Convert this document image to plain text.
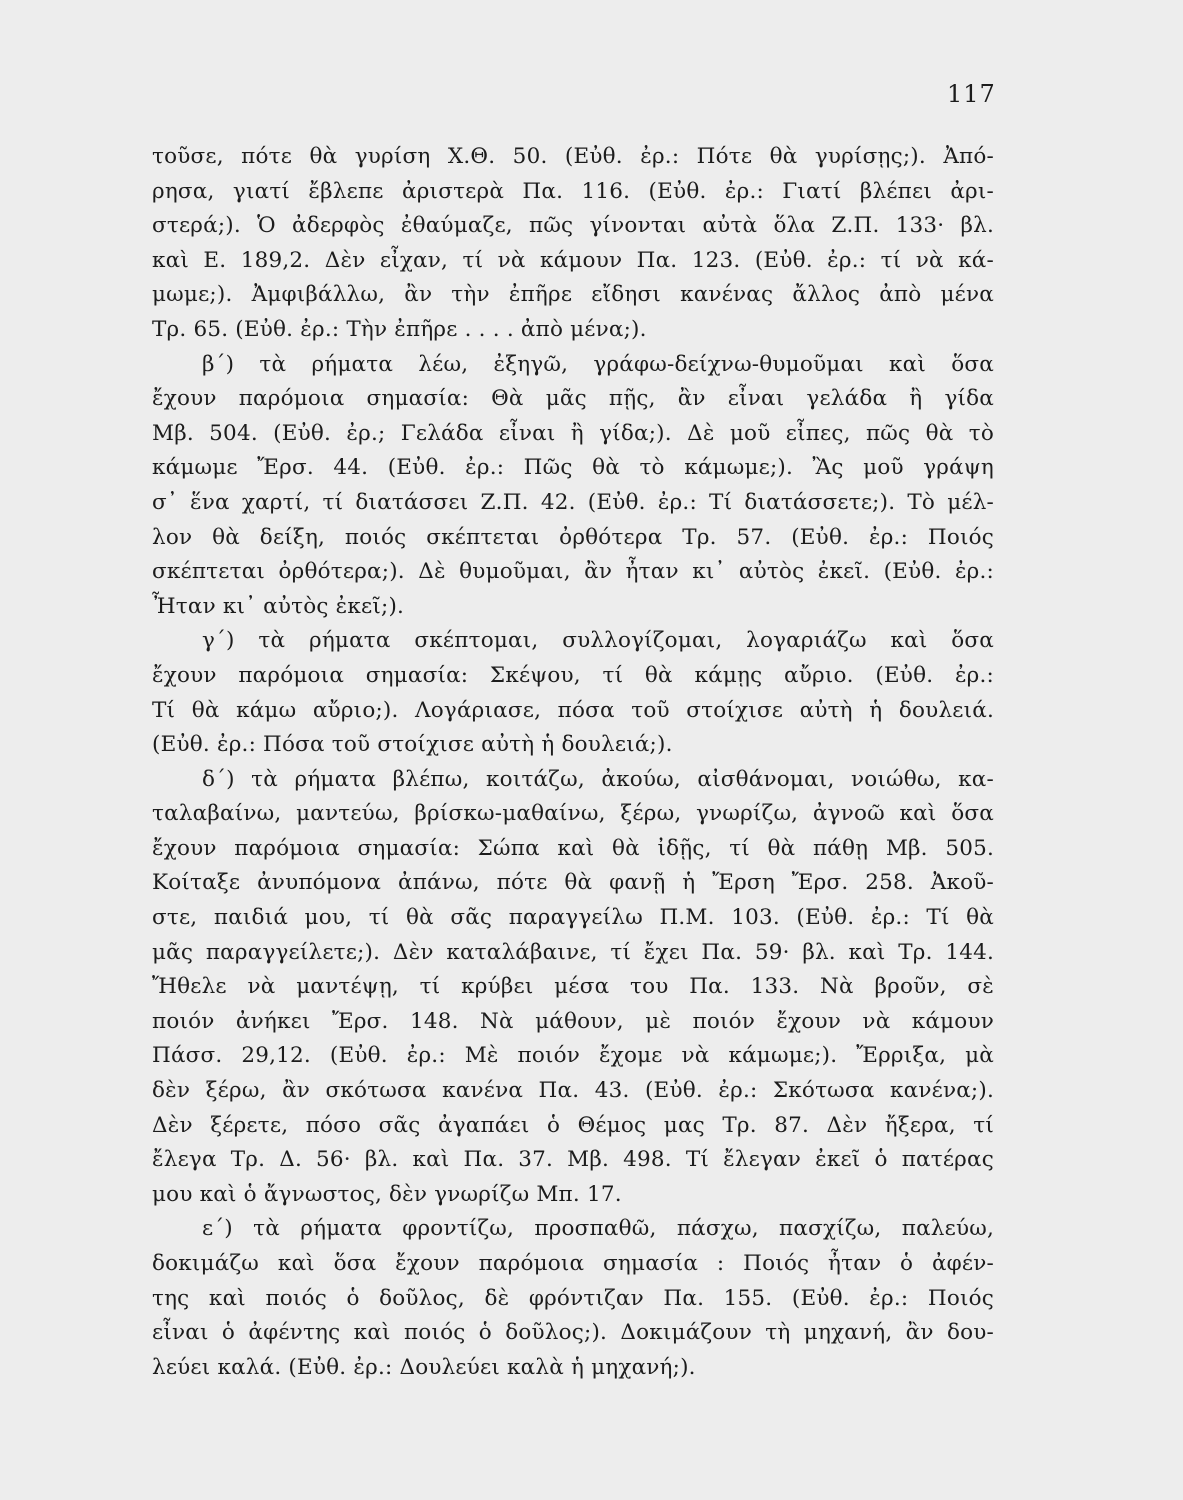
117
τοῦσε, πότε θὰ γυρίση Χ.Θ. 50. (Εὐθ. ἐρ.: Πότε θὰ γυρίσῃς;). Ἀπό-
ρησα, γιατί ἔβλεπε ἀριστερὰ Πα. 116. (Εὐθ. ἐρ.: Γιατί βλέπει ἀρι-
στερά;). Ὁ ἀδερφὸς ἐθαύμαζε, πῶς γίνονται αὐτὰ ὅλα Ζ.Π. 133· βλ.
καὶ Ε. 189,2. Δὲν εἶχαν, τί νὰ κάμουν Πα. 123. (Εὐθ. ἐρ.: τί νὰ κά-
μωμε;). Ἀμφιβάλλω, ἂν τὴν ἐπῆρε εἴδησι κανένας ἄλλος ἀπὸ μένα
Τρ. 65. (Εὐθ. ἐρ.: Τὴν ἐπῆρε . . . . ἀπὸ μένα;).
β΄) τὰ ρήματα λέω, ἐξηγῶ, γράφω-δείχνω-θυμοῦμαι καὶ ὅσα
ἔχουν παρόμοια σημασία: Θὰ μᾶς πῇς, ἂν εἶναι γελάδα ἢ γίδα
Μβ. 504. (Εὐθ. ἐρ.; Γελάδα εἶναι ἢ γίδα;). Δὲ μοῦ εἶπες, πῶς θὰ τὸ
κάμωμε Ἔρσ. 44. (Εὐθ. ἐρ.: Πῶς θὰ τὸ κάμωμε;). Ἂς μοῦ γράψη
σ᾿ ἕνα χαρτί, τί διατάσσει Ζ.Π. 42. (Εὐθ. ἐρ.: Τί διατάσσετε;). Τὸ μέλ-
λον θὰ δείξη, ποιός σκέπτεται ὀρθότερα Τρ. 57. (Εὐθ. ἐρ.: Ποιός
σκέπτεται ὀρθότερα;). Δὲ θυμοῦμαι, ἂν ἦταν κι᾿ αὐτὸς ἐκεῖ. (Εὐθ. ἐρ.:
Ἦταν κι᾿ αὐτὸς ἐκεῖ;).
γ΄) τὰ ρήματα σκέπτομαι, συλλογίζομαι, λογαριάζω καὶ ὅσα
ἔχουν παρόμοια σημασία: Σκέψου, τί θὰ κάμῃς αὔριο. (Εὐθ. ἐρ.:
Τί θὰ κάμω αὔριο;). Λογάριασε, πόσα τοῦ στοίχισε αὐτὴ ἡ δουλειά.
(Εὐθ. ἐρ.: Πόσα τοῦ στοίχισε αὐτὴ ἡ δουλειά;).
δ΄) τὰ ρήματα βλέπω, κοιτάζω, ἀκούω, αἰσθάνομαι, νοιώθω, κα-
ταλαβαίνω, μαντεύω, βρίσκω-μαθαίνω, ξέρω, γνωρίζω, ἀγνοῶ καὶ ὅσα
ἔχουν παρόμοια σημασία: Σώπα καὶ θὰ ἰδῇς, τί θὰ πάθῃ Μβ. 505.
Κοίταξε ἀνυπόμονα ἀπάνω, πότε θὰ φανῇ ἡ Ἔρση Ἔρσ. 258. Ἀκοῦ-
στε, παιδιά μου, τί θὰ σᾶς παραγγείλω Π.Μ. 103. (Εὐθ. ἐρ.: Τί θὰ
μᾶς παραγγείλετε;). Δὲν καταλάβαινε, τί ἔχει Πα. 59· βλ. καὶ Τρ. 144.
Ἤθελε νὰ μαντέψῃ, τί κρύβει μέσα του Πα. 133. Νὰ βροῦν, σὲ
ποιόν ἀνήκει Ἔρσ. 148. Νὰ μάθουν, μὲ ποιόν ἔχουν νὰ κάμουν
Πάσσ. 29,12. (Εὐθ. ἐρ.: Μὲ ποιόν ἔχομε νὰ κάμωμε;). Ἔρριξα, μὰ
δὲν ξέρω, ἂν σκότωσα κανένα Πα. 43. (Εὐθ. ἐρ.: Σκότωσα κανένα;).
Δὲν ξέρετε, πόσο σᾶς ἀγαπάει ὁ Θέμος μας Τρ. 87. Δὲν ἤξερα, τί
ἔλεγα Τρ. Δ. 56· βλ. καὶ Πα. 37. Μβ. 498. Τί ἔλεγαν ἐκεῖ ὁ πατέρας
μου καὶ ὁ ἄγνωστος, δὲν γνωρίζω Μπ. 17.
ε΄) τὰ ρήματα φροντίζω, προσπαθῶ, πάσχω, πασχίζω, παλεύω,
δοκιμάζω καὶ ὅσα ἔχουν παρόμοια σημασία : Ποιός ἦταν ὁ ἀφέν-
της καὶ ποιός ὁ δοῦλος, δὲ φρόντιζαν Πα. 155. (Εὐθ. ἐρ.: Ποιός
εἶναι ὁ ἀφέντης καὶ ποιός ὁ δοῦλος;). Δοκιμάζουν τὴ μηχανή, ἂν δου-
λεύει καλά. (Εὐθ. ἐρ.: Δουλεύει καλὰ ἡ μηχανή;).
